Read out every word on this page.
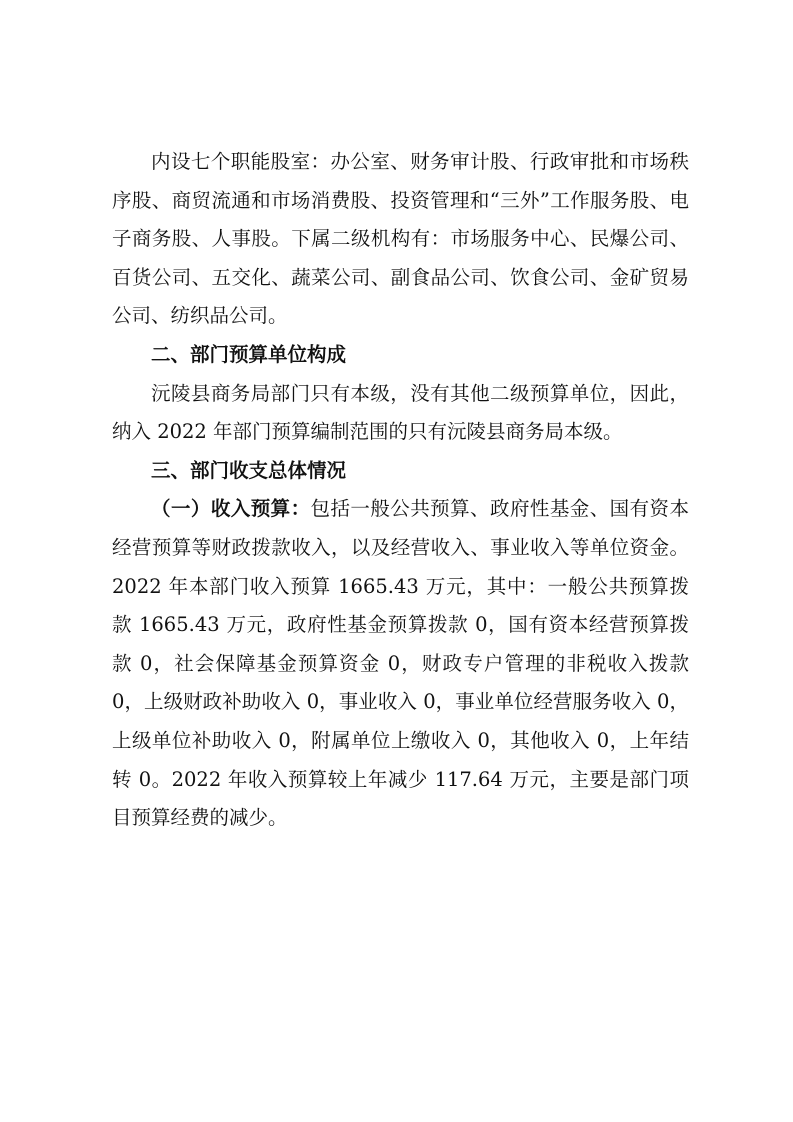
内设七个职能股室：办公室、财务审计股、行政审批和市场秩序股、商贸流通和市场消费股、投资管理和“三外”工作服务股、电子商务股、人事股。下属二级机构有：市场服务中心、民爆公司、百货公司、五交化、蔬菜公司、副食品公司、饮食公司、金矿贸易公司、纺织品公司。

二、部门预算单位构成

沅陵县商务局部门只有本级，没有其他二级预算单位，因此，纳入 2022 年部门预算编制范围的只有沅陵县商务局本级。

三、部门收支总体情况

（一）收入预算：包括一般公共预算、政府性基金、国有资本经营预算等财政拨款收入，以及经营收入、事业收入等单位资金。2022 年本部门收入预算 1665.43 万元，其中：一般公共预算拨款 1665.43 万元，政府性基金预算拨款 0，国有资本经营预算拨款 0，社会保障基金预算资金 0，财政专户管理的非税收入拨款 0，上级财政补助收入 0，事业收入 0，事业单位经营服务收入 0，上级单位补助收入 0，附属单位上缴收入 0，其他收入 0，上年结转 0。2022 年收入预算较上年减少 117.64 万元，主要是部门项目预算经费的减少。
